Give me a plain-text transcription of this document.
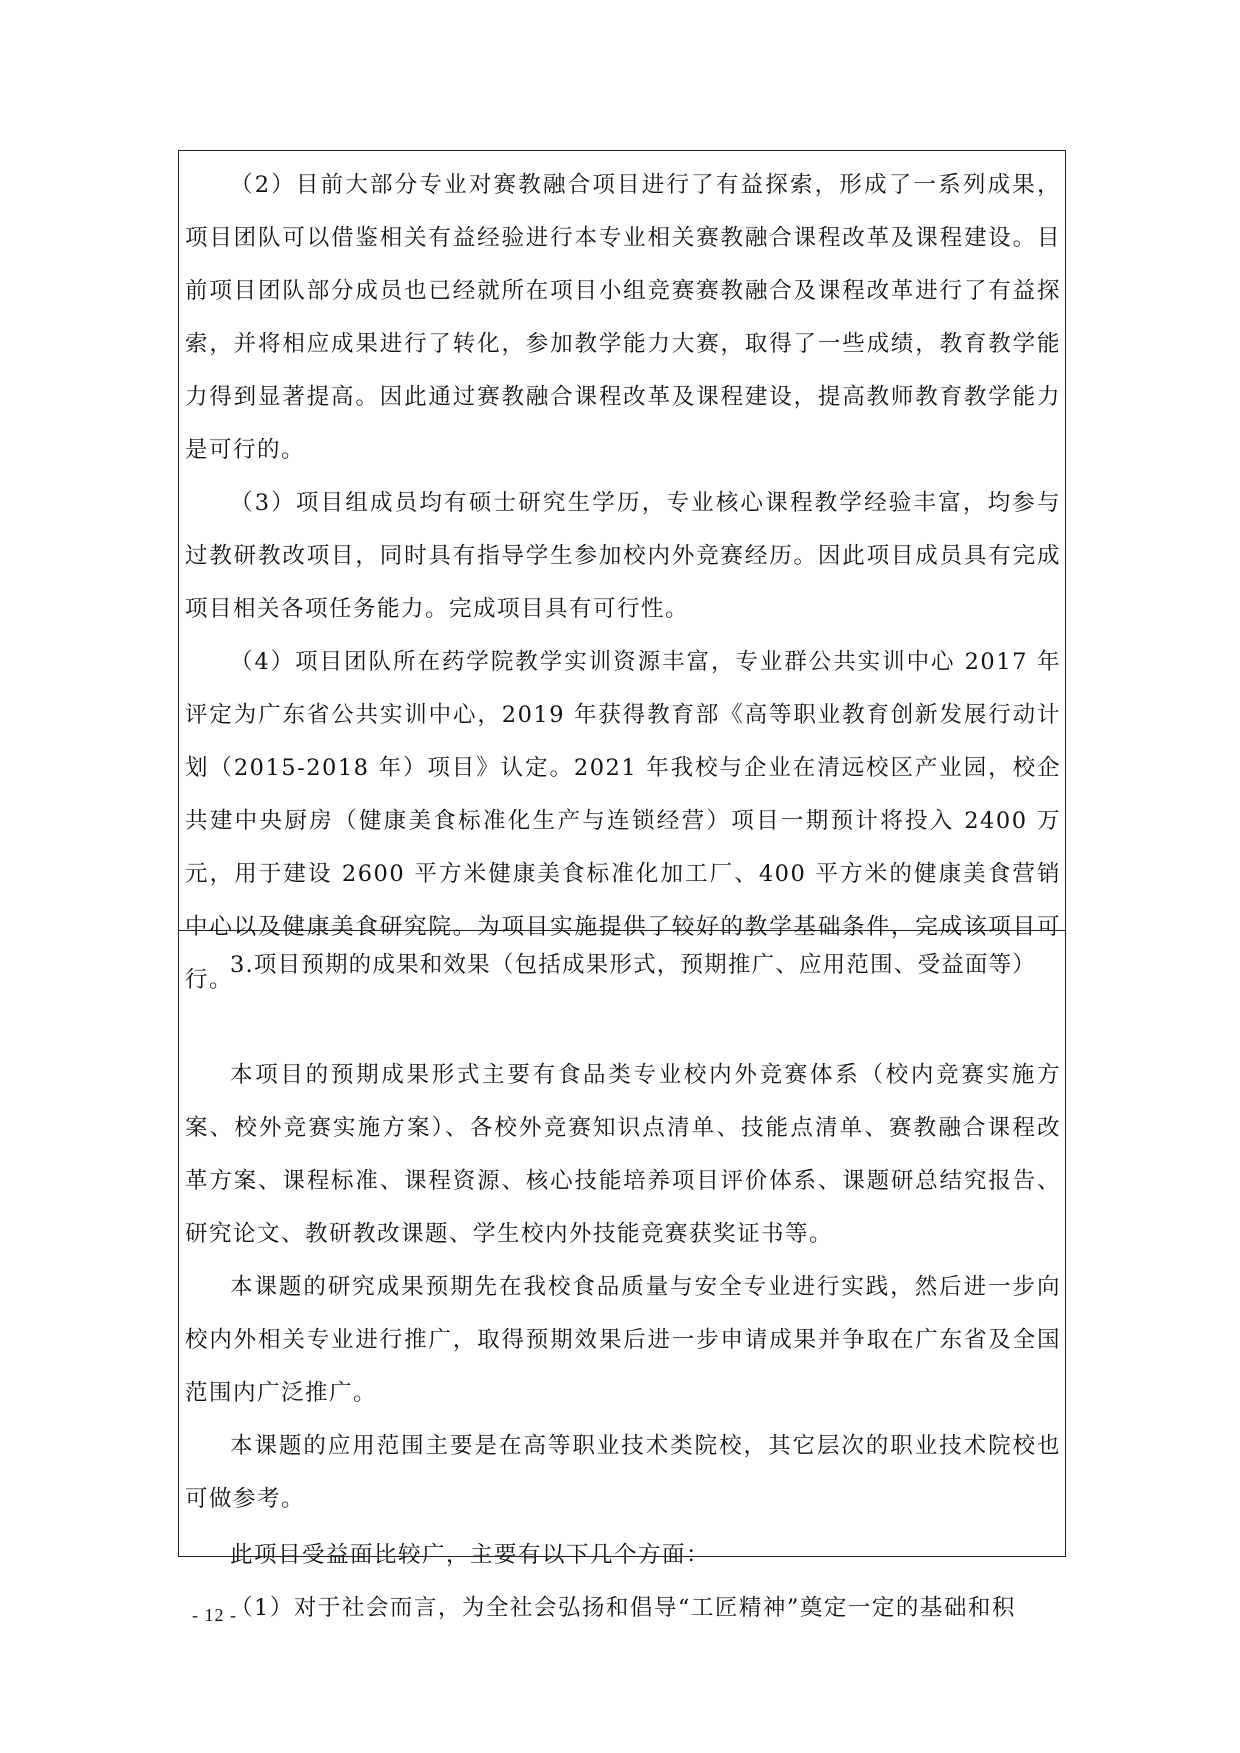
（2）目前大部分专业对赛教融合项目进行了有益探索，形成了一系列成果，项目团队可以借鉴相关有益经验进行本专业相关赛教融合课程改革及课程建设。目前项目团队部分成员也已经就所在项目小组竞赛赛教融合及课程改革进行了有益探索，并将相应成果进行了转化，参加教学能力大赛，取得了一些成绩，教育教学能力得到显著提高。因此通过赛教融合课程改革及课程建设，提高教师教育教学能力是可行的。

（3）项目组成员均有硕士研究生学历，专业核心课程教学经验丰富，均参与过教研教改项目，同时具有指导学生参加校内外竞赛经历。因此项目成员具有完成项目相关各项任务能力。完成项目具有可行性。

（4）项目团队所在药学院教学实训资源丰富，专业群公共实训中心 2017 年评定为广东省公共实训中心，2019 年获得教育部《高等职业教育创新发展行动计划（2015-2018 年）项目》认定。2021 年我校与企业在清远校区产业园，校企共建中央厨房（健康美食标准化生产与连锁经营）项目一期预计将投入 2400 万元，用于建设 2600 平方米健康美食标准化加工厂、400 平方米的健康美食营销中心以及健康美食研究院。为项目实施提供了较好的教学基础条件，完成该项目可行。

3.项目预期的成果和效果（包括成果形式，预期推广、应用范围、受益面等）

本项目的预期成果形式主要有食品类专业校内外竞赛体系（校内竞赛实施方案、校外竞赛实施方案）、各校外竞赛知识点清单、技能点清单、赛教融合课程改革方案、课程标准、课程资源、核心技能培养项目评价体系、课题研总结究报告、研究论文、教研教改课题、学生校内外技能竞赛获奖证书等。

本课题的研究成果预期先在我校食品质量与安全专业进行实践，然后进一步向校内外相关专业进行推广，取得预期效果后进一步申请成果并争取在广东省及全国范围内广泛推广。

本课题的应用范围主要是在高等职业技术类院校，其它层次的职业技术院校也可做参考。

此项目受益面比较广，主要有以下几个方面：

（1）对于社会而言，为全社会弘扬和倡导“工匠精神”奠定一定的基础和积

- 12 -
